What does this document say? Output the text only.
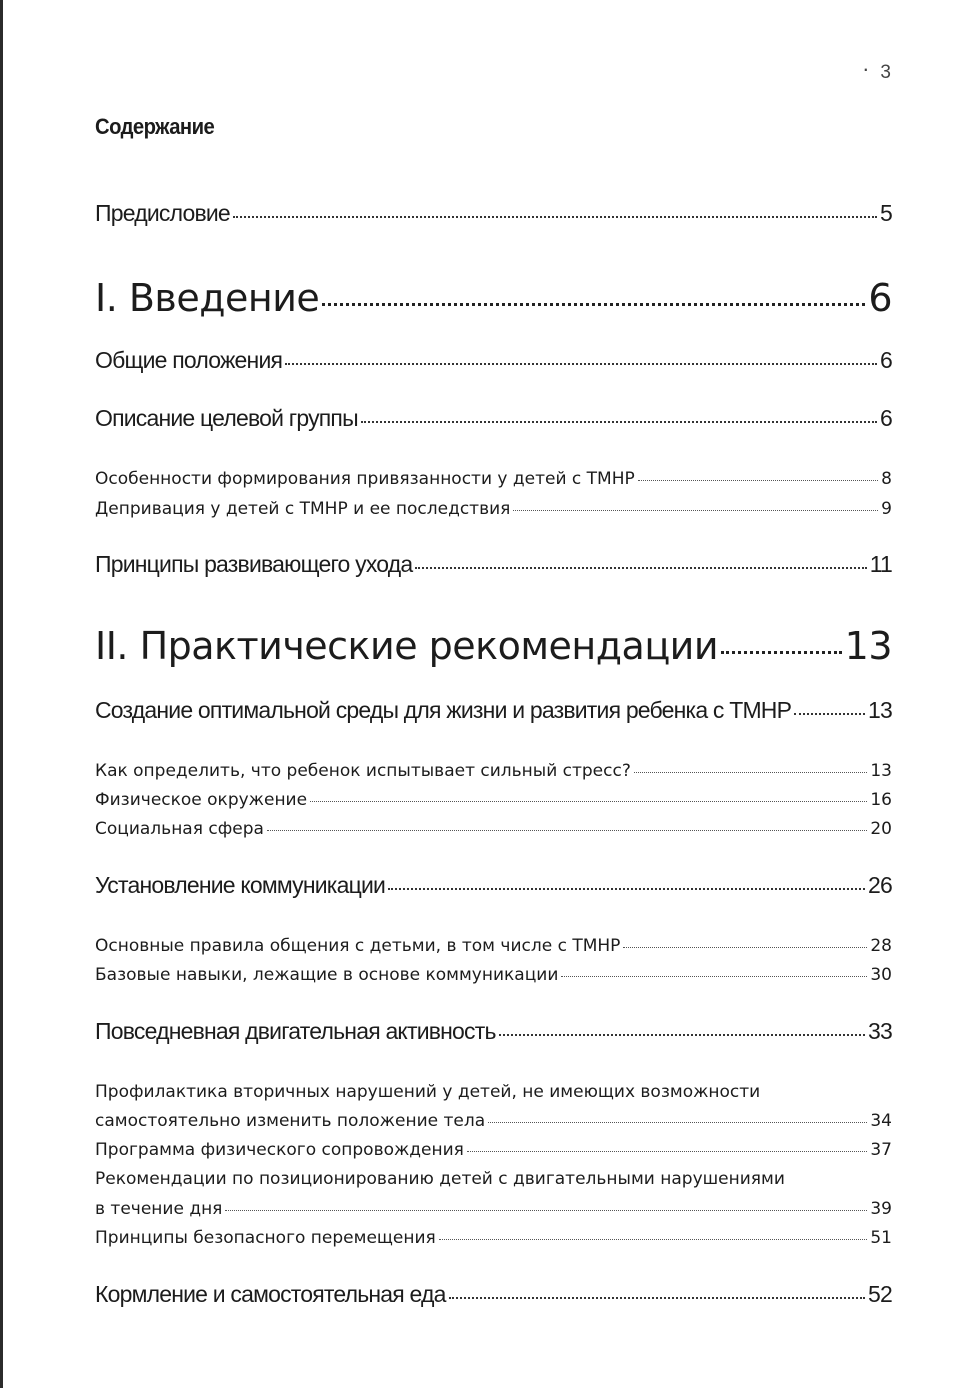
· 3
Содержание
Предисловие	5
I. Введение	6
Общие положения	6
Описание целевой группы	6
Особенности формирования привязанности у детей с ТМНР	8
Депривация у детей с ТМНР и ее последствия	9
Принципы развивающего ухода	11
II. Практические рекомендации	13
Создание оптимальной среды для жизни и развития ребенка с ТМНР	13
Как определить, что ребенок испытывает сильный стресс?	13
Физическое окружение	16
Социальная сфера	20
Установление коммуникации	26
Основные правила общения с детьми, в том числе с ТМНР	28
Базовые навыки, лежащие в основе коммуникации	30
Повседневная двигательная активность	33
Профилактика вторичных нарушений у детей, не имеющих возможности
самостоятельно изменить положение тела	34
Программа физического сопровождения	37
Рекомендации по позиционированию детей с двигательными нарушениями
в течение дня	39
Принципы безопасного перемещения	51
Кормление и самостоятельная еда	52
